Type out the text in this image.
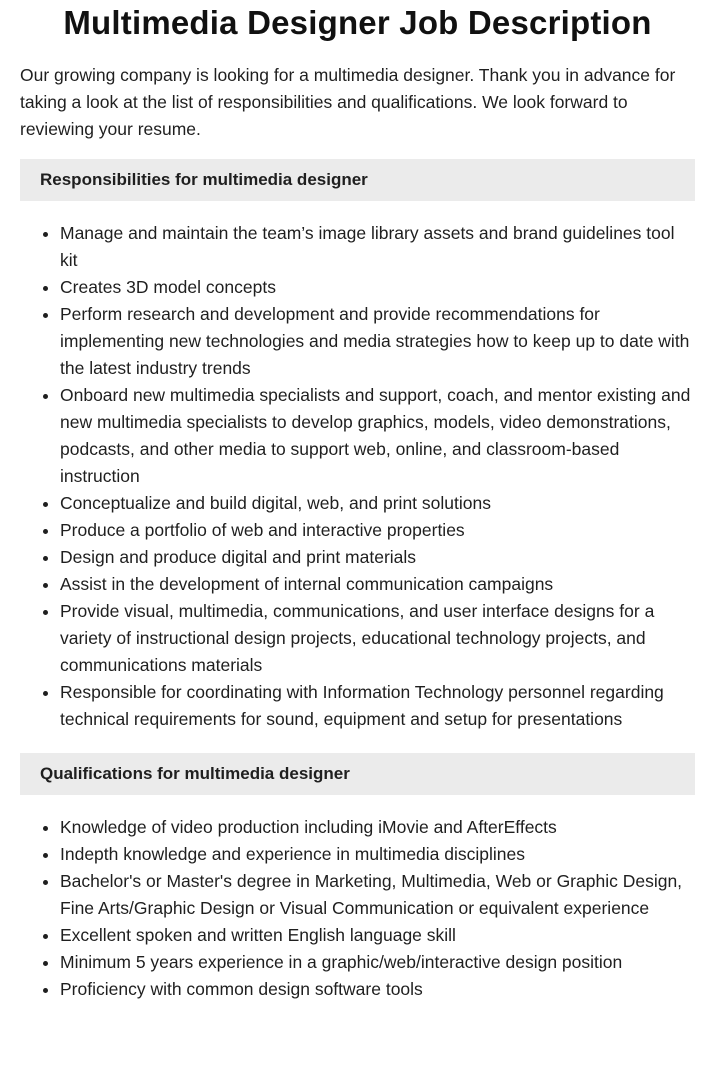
Multimedia Designer Job Description

Our growing company is looking for a multimedia designer. Thank you in advance for taking a look at the list of responsibilities and qualifications. We look forward to reviewing your resume.

Responsibilities for multimedia designer
• Manage and maintain the team’s image library assets and brand guidelines tool kit
• Creates 3D model concepts
• Perform research and development and provide recommendations for implementing new technologies and media strategies how to keep up to date with the latest industry trends
• Onboard new multimedia specialists and support, coach, and mentor existing and new multimedia specialists to develop graphics, models, video demonstrations, podcasts, and other media to support web, online, and classroom-based instruction
• Conceptualize and build digital, web, and print solutions
• Produce a portfolio of web and interactive properties
• Design and produce digital and print materials
• Assist in the development of internal communication campaigns
• Provide visual, multimedia, communications, and user interface designs for a variety of instructional design projects, educational technology projects, and communications materials
• Responsible for coordinating with Information Technology personnel regarding technical requirements for sound, equipment and setup for presentations
Qualifications for multimedia designer
• Knowledge of video production including iMovie and AfterEffects
• Indepth knowledge and experience in multimedia disciplines
• Bachelor's or Master's degree in Marketing, Multimedia, Web or Graphic Design, Fine Arts/Graphic Design or Visual Communication or equivalent experience
• Excellent spoken and written English language skill
• Minimum 5 years experience in a graphic/web/interactive design position
• Proficiency with common design software tools
